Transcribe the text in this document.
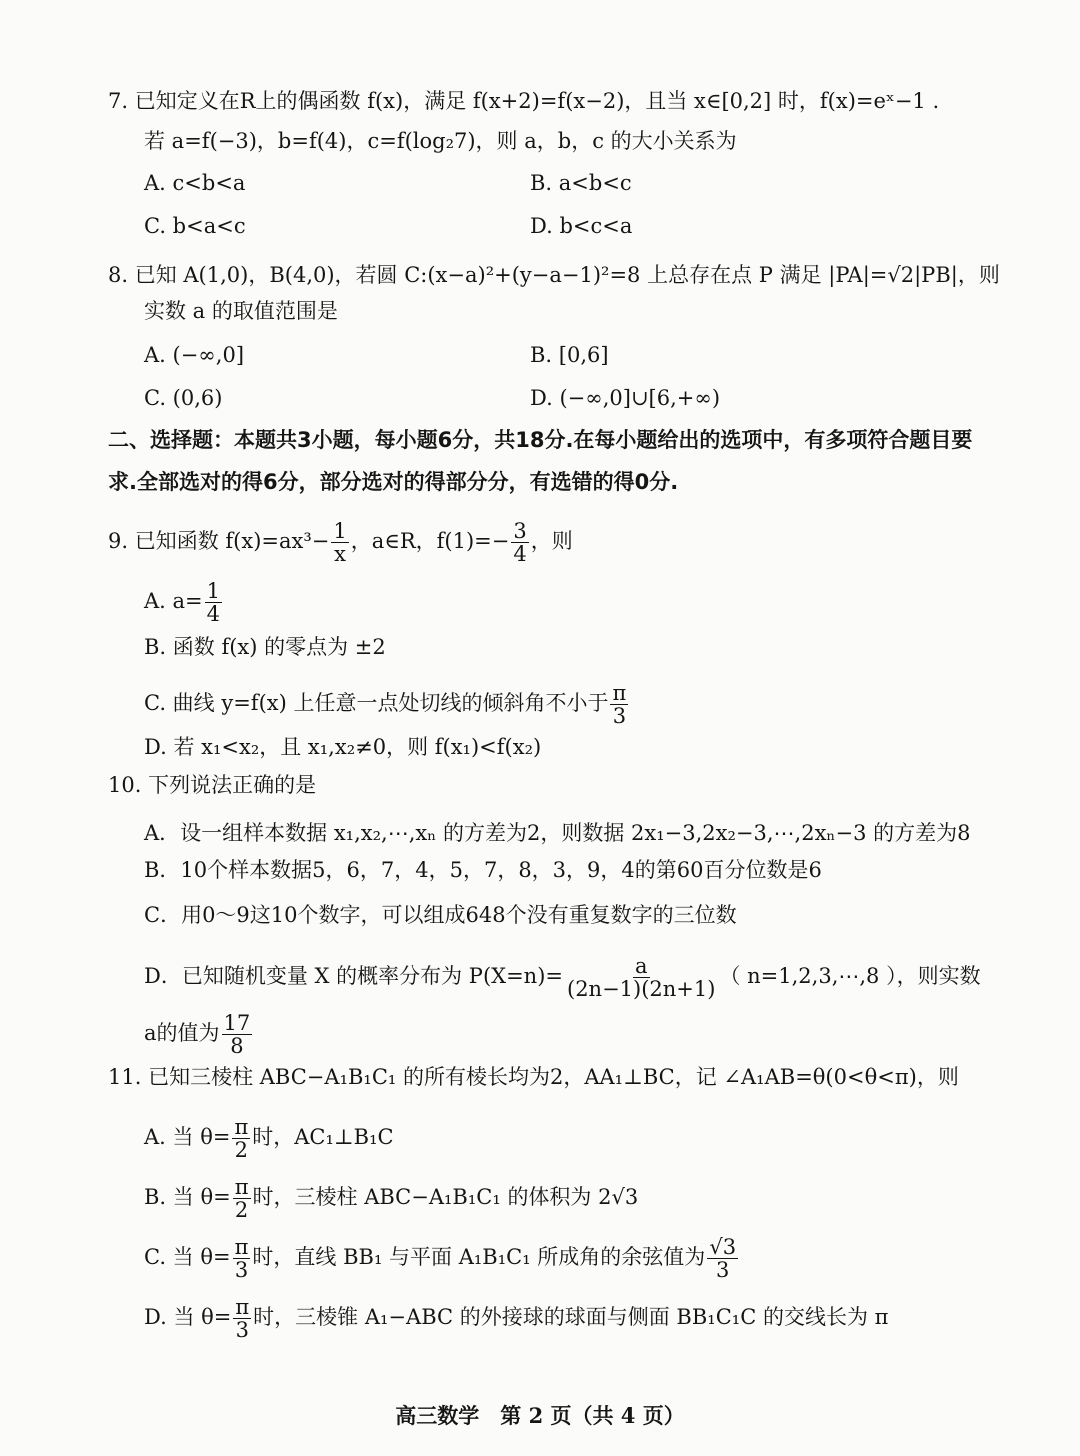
7. 已知定义在R上的偶函数 f(x)，满足 f(x+2)=f(x−2)，且当 x∈[0,2] 时，f(x)=eˣ−1 .
若 a=f(−3)，b=f(4)，c=f(log₂7)，则 a，b，c 的大小关系为
A. c<b<a	B. a<b<c
C. b<a<c	D. b<c<a
8. 已知 A(1,0)，B(4,0)，若圆 C:(x−a)²+(y−a−1)²=8 上总存在点 P 满足 |PA|=√2|PB|，则
实数 a 的取值范围是
A. (−∞,0]	B. [0,6]
C. (0,6)	D. (−∞,0]∪[6,+∞)
二、选择题：本题共3小题，每小题6分，共18分.在每小题给出的选项中，有多项符合题目要
求.全部选对的得6分，部分选对的得部分分，有选错的得0分.
9. 已知函数 $f(x)=ax^3- \frac{1}{x}$ ，a∈R，$f(1)=- \frac{3}{4}$ ，则
A. $a= \frac{1}{4}$
B. 函数 f(x) 的零点为 ±2
C. 曲线 y=f(x) 上任意一点处切线的倾斜角不小于 $\frac{\pi}{3}$
D. 若 x₁<x₂，且 x₁,x₂≠0，则 f(x₁)<f(x₂)
10. 下列说法正确的是
A．设一组样本数据 x₁,x₂,⋯,xₙ 的方差为2，则数据 2x₁−3,2x₂−3,⋯,2xₙ−3 的方差为8
B．10个样本数据5，6，7，4，5，7，8，3，9，4的第60百分位数是6
C．用0～9这10个数字，可以组成648个没有重复数字的三位数
D．已知随机变量 X 的概率分布为 $P(X=n)= \frac{a}{(2n-1)(2n+1)}$ （ n=1,2,3,⋯,8 ），则实数
a的值为 $\frac{17}{8}$
11. 已知三棱柱 ABC−A₁B₁C₁ 的所有棱长均为2，AA₁⊥BC，记 ∠A₁AB=θ(0<θ<π)，则
A. 当 $\theta= \frac{\pi}{2}$ 时，AC₁⊥B₁C
B. 当 $\theta= \frac{\pi}{2}$ 时，三棱柱 ABC−A₁B₁C₁ 的体积为 2√3
C. 当 $\theta= \frac{\pi}{3}$ 时，直线 BB₁ 与平面 A₁B₁C₁ 所成角的余弦值为 $\frac{√3}{3}$
D. 当 $\theta= \frac{\pi}{3}$ 时，三棱锥 A₁−ABC 的外接球的球面与侧面 BB₁C₁C 的交线长为 π
高三数学　第 2 页（共 4 页）
